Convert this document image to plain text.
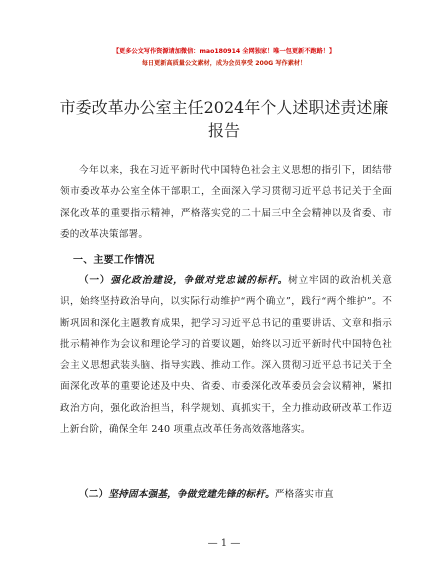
【更多公文写作资源请加微信：mao180914 全网独家！唯一包更新不跑路！】
每日更新高质量公文素材，成为会员享受 200G 写作素材！
市委改革办公室主任2024年个人述职述责述廉
报告

今年以来，我在习近平新时代中国特色社会主义思想的指引下，团结带领市委改革办公室全体干部职工，全面深入学习贯彻习近平总书记关于全面深化改革的重要指示精神，严格落实党的二十届三中全会精神以及省委、市委的改革决策部署。

一、主要工作情况

（一）强化政治建设，争做对党忠诚的标杆。树立牢固的政治机关意识，始终坚持政治导向，以实际行动维护“两个确立”，践行“两个维护”。不断巩固和深化主题教育成果，把学习习近平总书记的重要讲话、文章和指示批示精神作为会议和理论学习的首要议题，始终以习近平新时代中国特色社会主义思想武装头脑、指导实践、推动工作。深入贯彻习近平总书记关于全面深化改革的重要论述及中央、省委、市委深化改革委员会会议精神，紧扣政治方向，强化政治担当，科学规划、真抓实干，全力推动政研改革工作迈上新台阶，确保全年 240 项重点改革任务高效落地落实。

（二）坚持固本强基，争做党建先锋的标杆。严格落实市直

— 1 —
